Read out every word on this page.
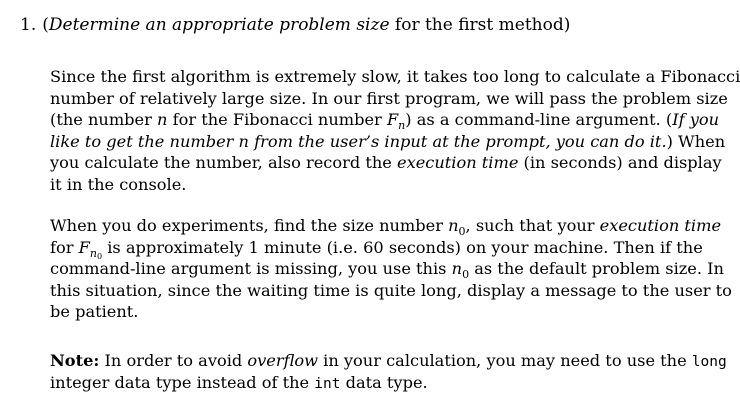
1. (Determine an appropriate problem size for the first method)
Since the first algorithm is extremely slow, it takes too long to calculate a Fibonacci
number of relatively large size. In our first program, we will pass the problem size
(the number n for the Fibonacci number $F_n$) as a command-line argument. (If you
like to get the number n from the user’s input at the prompt, you can do it.) When
you calculate the number, also record the execution time (in seconds) and display
it in the console.
When you do experiments, find the size number $n_0$, such that your execution time
for $F_{n0}$ is approximately 1 minute (i.e. 60 seconds) on your machine. Then if the
command-line argument is missing, you use this $n_0$ as the default problem size. In
this situation, since the waiting time is quite long, display a message to the user to
be patient.
Note: In order to avoid overflow in your calculation, you may need to use the long
integer data type instead of the int data type.
